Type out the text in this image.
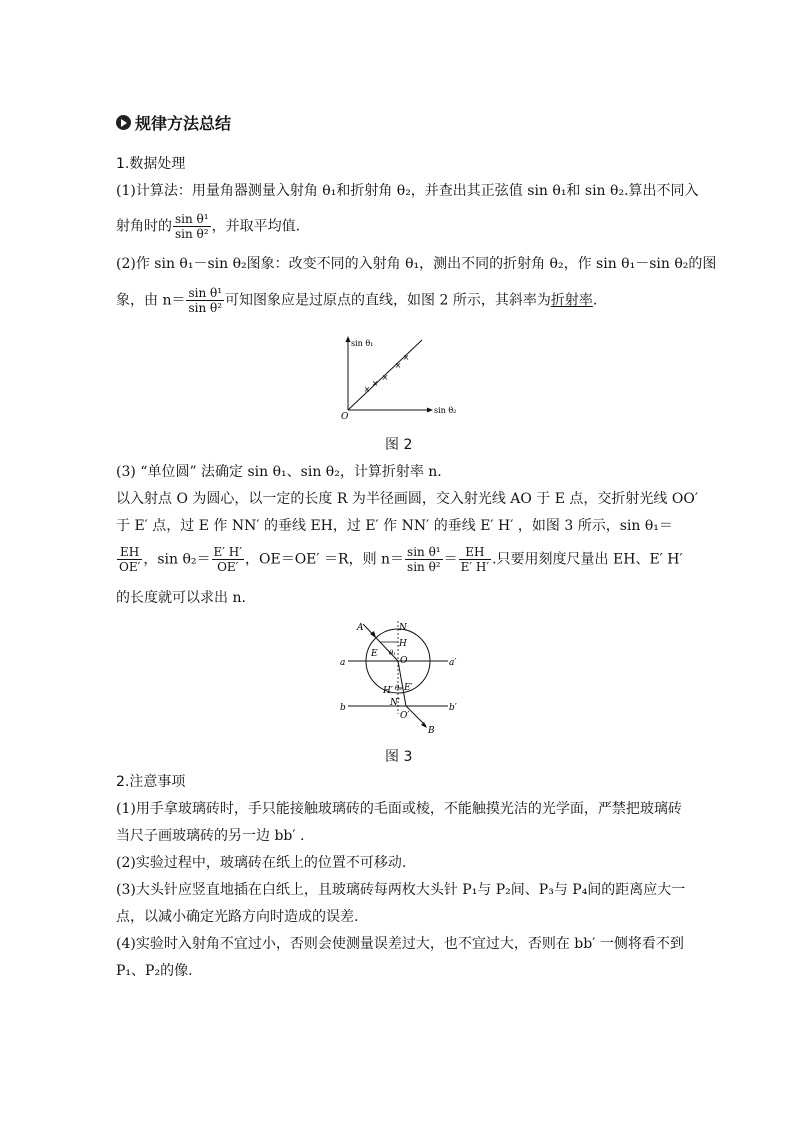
规律方法总结
1.数据处理
(1)计算法：用量角器测量入射角 θ₁和折射角 θ₂，并查出其正弦值 sin θ₁和 sin θ₂.算出不同入
射角时的 $\frac{\text{sin θ¹}}{\text{sin θ²}}$ ，并取平均值.
(2)作 sin θ₁－sin θ₂图象：改变不同的入射角 θ₁，测出不同的折射角 θ₂，作 sin θ₁－sin θ₂的图
象，由 $n= \frac{\text{sin θ¹}}{\text{sin θ²}}$ 可知图象应是过原点的直线，如图 2 所示，其斜率为折射率.
sin θ₁
sin θ₂
O
×
×
×
×
×
图 2
(3) “单位圆” 法确定 sin θ₁、sin θ₂，计算折射率 n.
以入射点 O 为圆心，以一定的长度 R 为半径画圆，交入射光线 AO 于 E 点，交折射光线 OO′
于 E′ 点，过 E 作 NN′ 的垂线 EH，过 E′ 作 NN′ 的垂线 E′ H′ ，如图 3 所示，sin θ₁＝
$\frac{EH}{OE'}$ ，$\sin \theta_2= \frac{E' H'}{OE'}$ ，OE＝OE′ ＝R，则 $n= \frac{\text{sin θ¹}}{\text{sin θ²}} = \frac{EH}{E' H'}$ .只要用刻度尺量出 EH、E′ H′
的长度就可以求出 n.
A	N
H
E θ₁
O
a	a′
θ₂ E′
H′
N′
b	b′
O′
B
图 3
2.注意事项
(1)用手拿玻璃砖时，手只能接触玻璃砖的毛面或棱，不能触摸光洁的光学面，严禁把玻璃砖
当尺子画玻璃砖的另一边 bb′ .
(2)实验过程中，玻璃砖在纸上的位置不可移动.
(3)大头针应竖直地插在白纸上，且玻璃砖每两枚大头针 P₁与 P₂间、P₃与 P₄间的距离应大一
点，以减小确定光路方向时造成的误差.
(4)实验时入射角不宜过小，否则会使测量误差过大，也不宜过大，否则在 bb′ 一侧将看不到
P₁、P₂的像.
